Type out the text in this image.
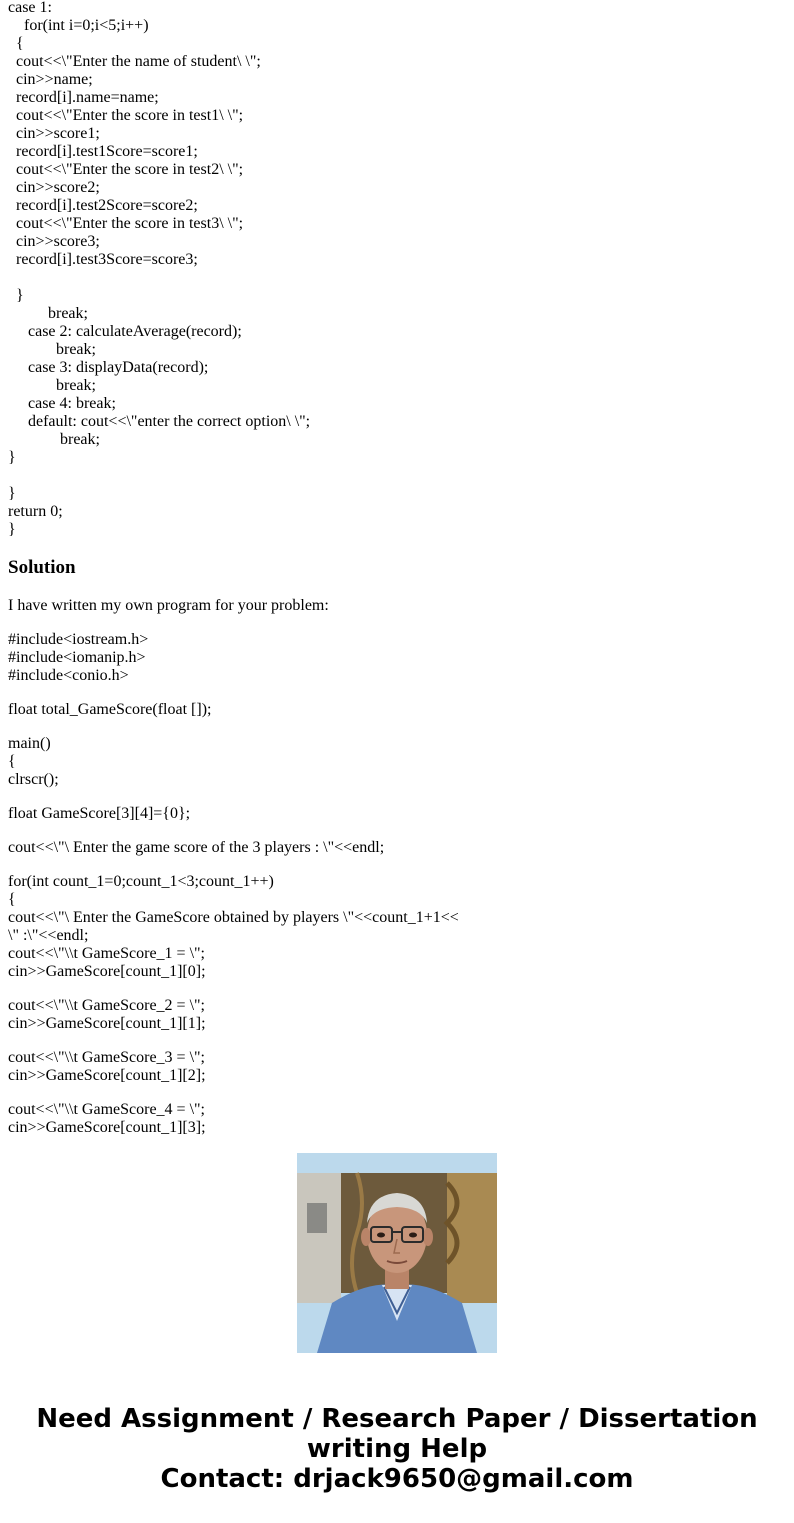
case 1:
for(int i=0;i<5;i++)
{
cout<<\"Enter the name of student\ \";
cin>>name;
record[i].name=name;
cout<<\"Enter the score in test1\ \";
cin>>score1;
record[i].test1Score=score1;
cout<<\"Enter the score in test2\ \";
cin>>score2;
record[i].test2Score=score2;
cout<<\"Enter the score in test3\ \";
cin>>score3;
record[i].test3Score=score3;
}
break;
case 2: calculateAverage(record);
break;
case 3: displayData(record);
break;
case 4: break;
default: cout<<\"enter the correct option\ \";
break;
}
}
return 0;
}
Solution

I have written my own program for your problem:

#include<iostream.h>
#include<iomanip.h>
#include<conio.h>
float total_GameScore(float []);
main()
{
clrscr();
float GameScore[3][4]={0};
cout<<\"\ Enter the game score of the 3 players : \"<<endl;
for(int count_1=0;count_1<3;count_1++)
{
cout<<\"\ Enter the GameScore obtained by players \"<<count_1+1<<
\" :\"<<endl;
cout<<\"\\t GameScore_1 = \";
cin>>GameScore[count_1][0];
cout<<\"\\t GameScore_2 = \";
cin>>GameScore[count_1][1];
cout<<\"\\t GameScore_3 = \";
cin>>GameScore[count_1][2];
cout<<\"\\t GameScore_4 = \";
cin>>GameScore[count_1][3];
Need Assignment / Research Paper / Dissertation
writing Help
Contact: drjack9650@gmail.com
